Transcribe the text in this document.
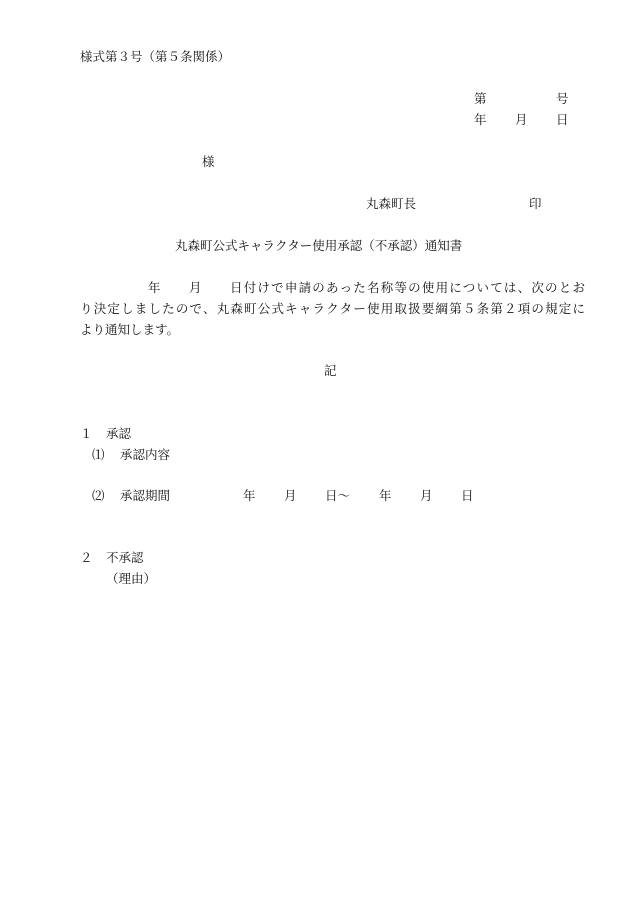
様式第３号（第５条関係）
第	号
年 月 日
様
丸森町長	印
丸森町公式キャラクター使用承認（不承認）通知書
年 月 日付けで申請のあった名称等の使用については、次のとお
り決定しましたので、丸森町公式キャラクター使用取扱要綱第５条第２項の規定に
より通知します。
記
１ 承認
⑴ 承認内容
⑵ 承認期間	年 月 日～ 年 月 日
２ 不承認
（理由）
